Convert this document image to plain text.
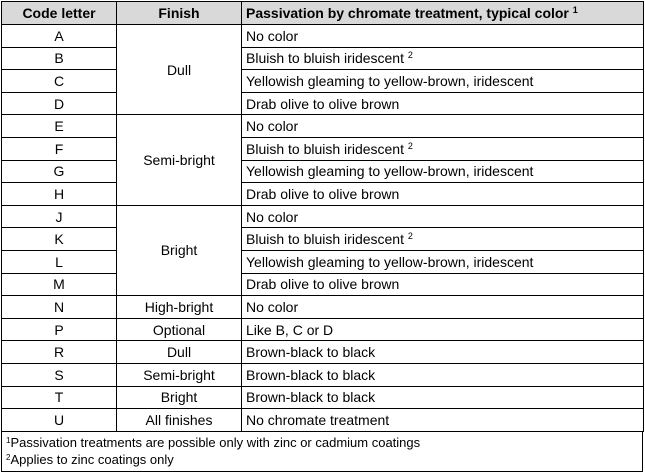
Code letter	Finish	Passivation by chromate treatment, typical color $^1$
A	Dull	No color
B		Bluish to bluish iridescent $^2$
C		Yellowish gleaming to yellow-brown, iridescent
D		Drab olive to olive brown
E	Semi-bright	No color
F		Bluish to bluish iridescent $^2$
G		Yellowish gleaming to yellow-brown, iridescent
H		Drab olive to olive brown
J	Bright	No color
K		Bluish to bluish iridescent $^2$
L		Yellowish gleaming to yellow-brown, iridescent
M		Drab olive to olive brown
N	High-bright	No color
P	Optional	Like B, C or D
R	Dull	Brown-black to black
S	Semi-bright	Brown-black to black
T	Bright	Brown-black to black
U	All finishes	No chromate treatment
$^1$Passivation treatments are possible only with zinc or cadmium coatings
$^2$Applies to zinc coatings only
